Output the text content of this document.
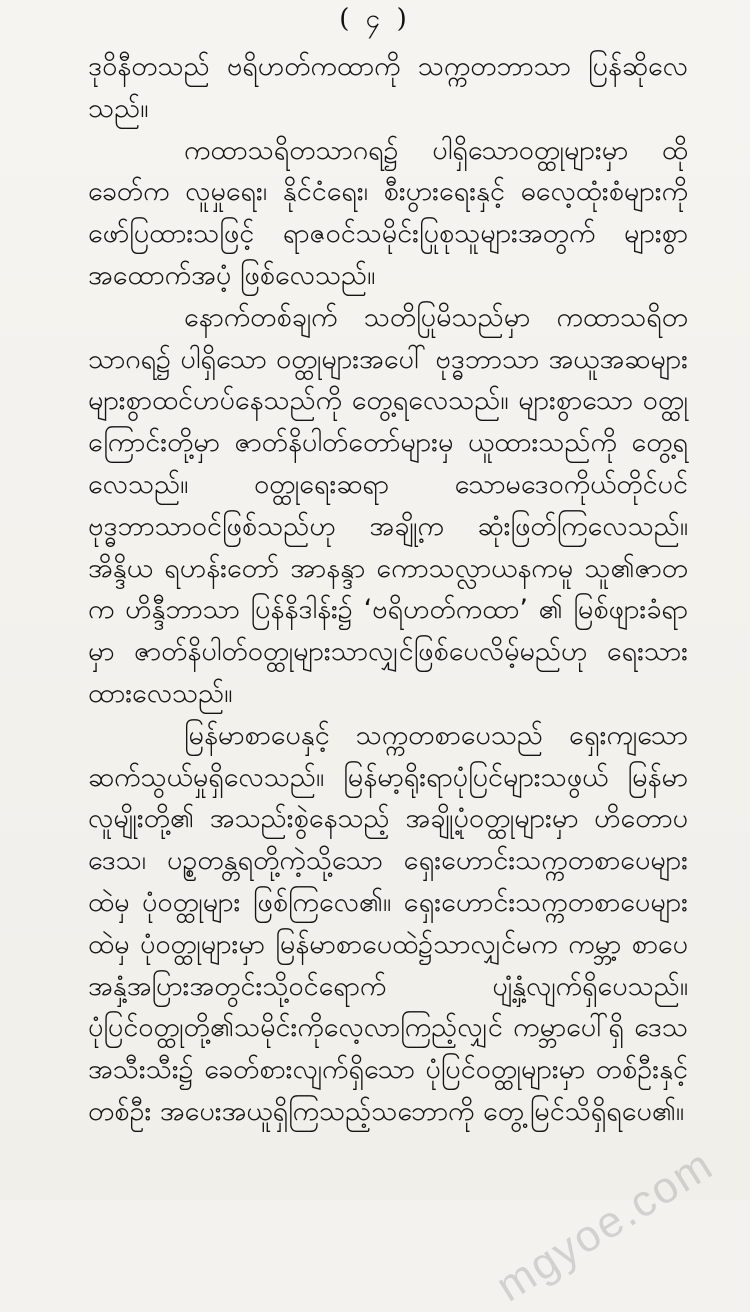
( ၄ )

ဒုဝိနီတသည် ဗရိဟတ်ကထာကို သက္ကတဘာသာ ပြန်ဆိုလေသည်။

ကထာသရိတသာဂရ၌ ပါရှိသော၀တ္ထုများမှာ ထိုခေတ်က လူမှုရေး၊ နိုင်ငံရေး၊ စီးပွားရေးနှင့် ဓလေ့ထုံးစံများကို ဖော်ပြထားသဖြင့် ရာဇဝင်သမိုင်းပြုစုသူများအတွက် များစွာ အထောက်အပံ့ ဖြစ်လေသည်။

နောက်တစ်ချက် သတိပြုမိသည်မှာ ကထာသရိတသာဂရ၌ ပါရှိသော ၀တ္ထုများအပေါ် ဗုဒ္ဓဘာသာ အယူအဆများ များစွာထင်ဟပ်နေသည်ကို တွေ့ရလေသည်။ များစွာသော ၀တ္ထုကြောင်းတို့မှာ ဇာတ်နိပါတ်တော်များမှ ယူထားသည်ကို တွေ့ရလေသည်။ ၀တ္ထုရေးဆရာ သောမဒေ၀ကိုယ်တိုင်ပင် ဗုဒ္ဓဘာသာ၀င်ဖြစ်သည်ဟု အချို့က ဆုံးဖြတ်ကြလေသည်။ အိန္ဒိယ ရဟန်းတော် အာနန္ဒာ ကောသလ္လာယနကမူ သူ၏ဇာတက ဟိန္ဒီဘာသာ ပြန်နိဒါန်း၌ ‘ဗရိဟတ်ကထာ’ ၏ မြစ်ဖျားခံရာမှာ ဇာတ်နိပါတ်၀တ္ထုများသာလျှင်ဖြစ်ပေလိမ့်မည်ဟု ရေးသားထားလေသည်။

မြန်မာစာပေနှင့် သက္ကတစာပေသည် ရှေးကျသောဆက်သွယ်မှုရှိလေသည်။ မြန်မာ့ရိုးရာပုံပြင်များသဖွယ် မြန်မာလူမျိုးတို့၏ အသည်းစွဲနေသည့် အချို့ပုံ၀တ္ထုများမှာ ဟိတောပဒေသ၊ ပဉ္စတန္တရတို့ကဲ့သို့သော ရှေးဟောင်းသက္ကတစာပေများထဲမှ ပုံ၀တ္ထုများ ဖြစ်ကြလေ၏။ ရှေးဟောင်းသက္ကတစာပေများထဲမှ ပုံ၀တ္ထုများမှာ မြန်မာစာပေထဲ၌သာလျှင်မက ကမ္ဘာ့ စာပေ အနှံ့အပြားအတွင်းသို့၀င်ရောက် ပျံ့နှံ့လျက်ရှိပေသည်။ ပုံပြင်၀တ္ထုတို့၏သမိုင်းကိုလေ့လာကြည့်လျှင် ကမ္ဘာပေါ်ရှိ ဒေသအသီးသီး၌ ခေတ်စားလျက်ရှိသော ပုံပြင်၀တ္ထုများမှာ တစ်ဦးနှင့်တစ်ဦး အပေးအယူရှိကြသည့်သဘောကို တွေ့မြင်သိရှိရပေ၏။

mgyoe.com
